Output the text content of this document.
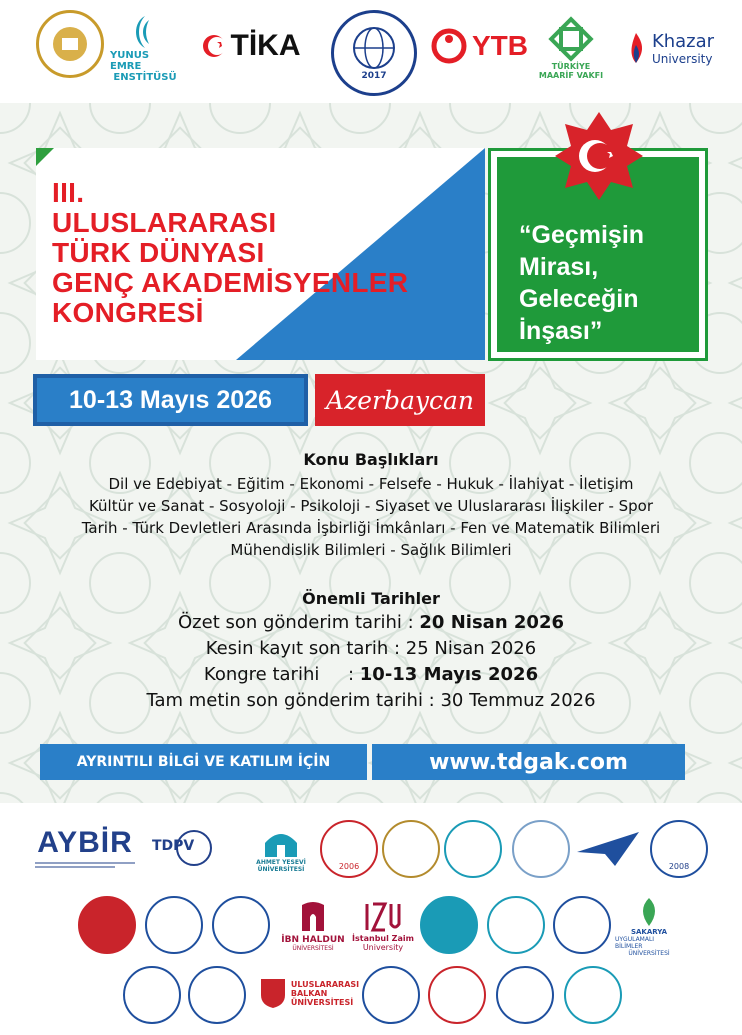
YUNUS EMRE
ENSTİTÜSÜ
TİKA
2017
YTB
TÜRKİYE
MAARİF VAKFI
Khazar
University
III.
ULUSLARARASI
TÜRK DÜNYASI
GENÇ AKADEMİSYENLER
KONGRESİ
“Geçmişin
Mirası,
Geleceğin
İnşası”
10-13 Mayıs 2026	Azerbaycan
Konu Başlıkları
Dil ve Edebiyat - Eğitim - Ekonomi - Felsefe - Hukuk - İlahiyat - İletişim
Kültür ve Sanat - Sosyoloji - Psikoloji - Siyaset ve Uluslararası İlişkiler - Spor
Tarih - Türk Devletleri Arasında İşbirliği İmkânları - Fen ve Matematik Bilimleri
Mühendislik Bilimleri - Sağlık Bilimleri
Önemli Tarihler
Özet son gönderim tarihi : 20 Nisan 2026
Kesin kayıt son tarih : 25 Nisan 2026
Kongre tarihi     : 10-13 Mayıs 2026
Tam metin son gönderim tarihi : 30 Temmuz 2026
AYRINTILI BİLGİ VE KATILIM İÇİN	www.tdgak.com
AYBİR TDPV
AHMET YESEVİ
ÜNİVERSİTESİ	2006	2008
İBN HALDUN
ÜNİVERSİTESİ
İstanbul Zaim
University
SAKARYA
UYGULAMALI BİLİMLER
ÜNİVERSİTESİ
ULUSLARARASI
BALKAN
ÜNİVERSİTESİ
